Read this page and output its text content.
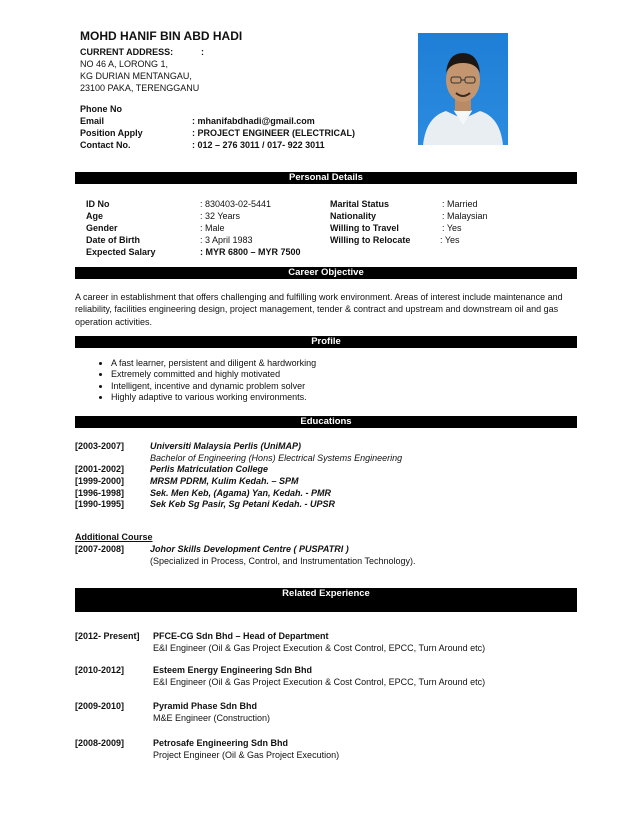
MOHD HANIF BIN ABD HADI
CURRENT ADDRESS:	:
NO 46 A, LORONG 1,
KG DURIAN MENTANGAU,
23100 PAKA, TERENGGANU
Phone No
Email	: mhanifabdhadi@gmail.com
Position Apply	: PROJECT ENGINEER (ELECTRICAL)
Contact No.	: 012 – 276 3011 / 017- 922 3011
Personal Details
ID No	: 830403-02-5441
Age	: 32 Years
Gender	: Male
Date of Birth	: 3 April 1983
Expected Salary	: MYR 6800 – MYR 7500
Marital Status	: Married
Nationality	: Malaysian
Willing to Travel	: Yes
Willing to Relocate	: Yes
Career Objective
A career in establishment that offers challenging and fulfilling work environment. Areas of interest include maintenance and reliability, facilities engineering design, project management, tender & contract and upstream and downstream oil and gas operation activities.
Profile
• A fast learner, persistent and diligent & hardworking
• Extremely committed and highly motivated
• Intelligent, incentive and dynamic problem solver
• Highly adaptive to various working environments.
Educations
[2003-2007]	Universiti Malaysia Perlis (UniMAP)
Bachelor of Engineering (Hons) Electrical Systems Engineering
[2001-2002]	Perlis Matriculation College
[1999-2000]	MRSM PDRM, Kulim Kedah. – SPM
[1996-1998]	Sek. Men Keb, (Agama) Yan, Kedah. - PMR
[1990-1995]	Sek Keb Sg Pasir, Sg Petani Kedah. - UPSR
Additional Course
[2007-2008]	Johor Skills Development Centre ( PUSPATRI )
(Specialized in Process, Control, and Instrumentation Technology).
Related Experience
[2012- Present] PFCE-CG Sdn Bhd – Head of Department
E&I Engineer (Oil & Gas Project Execution & Cost Control, EPCC, Turn Around etc)
[2010-2012]	Esteem Energy Engineering Sdn Bhd
E&I Engineer (Oil & Gas Project Execution & Cost Control, EPCC, Turn Around etc)
[2009-2010]	Pyramid Phase Sdn Bhd
M&E Engineer (Construction)
[2008-2009]	Petrosafe Engineering Sdn Bhd
Project Engineer (Oil & Gas Project Execution)
